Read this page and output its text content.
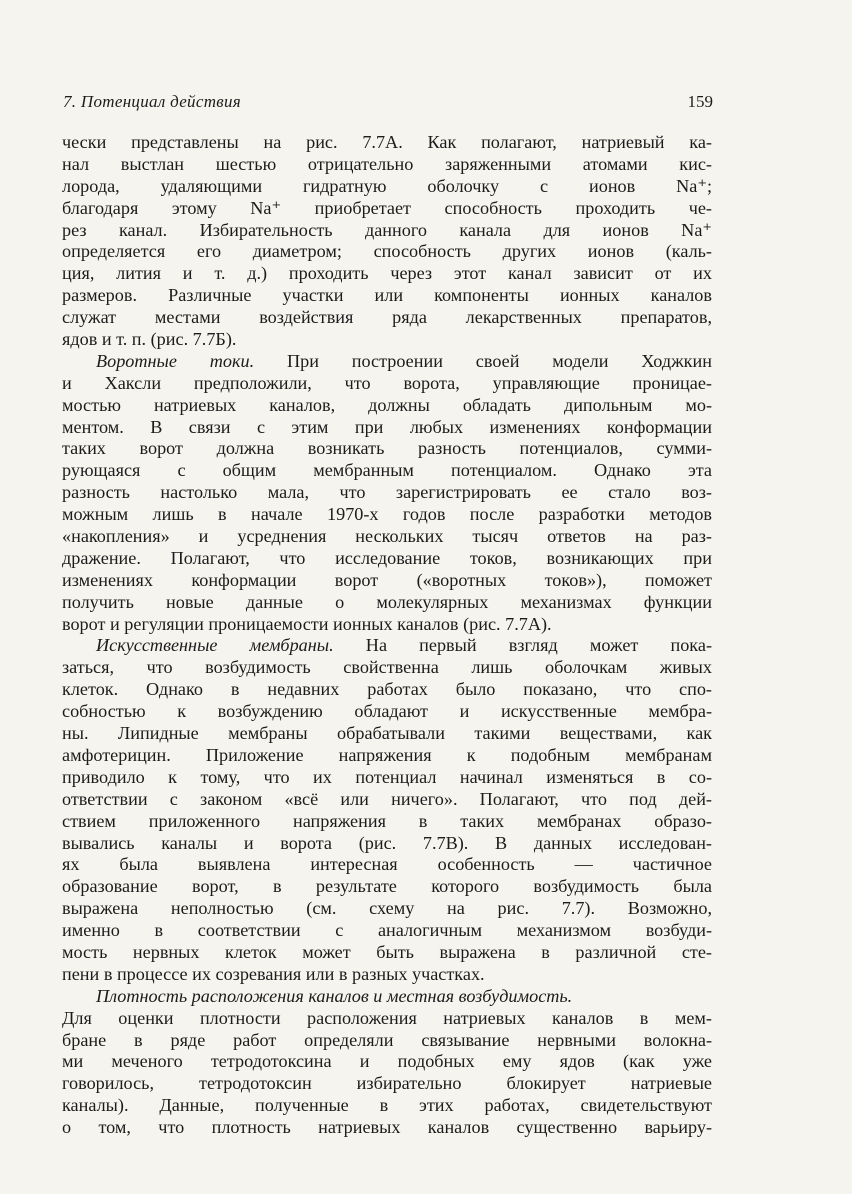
7. Потенциал действия	159
чески представлены на рис. 7.7А. Как полагают, натриевый ка-
нал выстлан шестью отрицательно заряженными атомами кис-
лорода, удаляющими гидратную оболочку с ионов Na⁺;
благодаря этому Na⁺ приобретает способность проходить че-
рез канал. Избирательность данного канала для ионов Na⁺
определяется его диаметром; способность других ионов (каль-
ция, лития и т. д.) проходить через этот канал зависит от их
размеров. Различные участки или компоненты ионных каналов
служат местами воздействия ряда лекарственных препаратов,
ядов и т. п. (рис. 7.7Б).
Воротные токи. При построении своей модели Ходжкин
и Хаксли предположили, что ворота, управляющие проницае-
мостью натриевых каналов, должны обладать дипольным мо-
ментом. В связи с этим при любых изменениях конформации
таких ворот должна возникать разность потенциалов, сумми-
рующаяся с общим мембранным потенциалом. Однако эта
разность настолько мала, что зарегистрировать ее стало воз-
можным лишь в начале 1970-х годов после разработки методов
«накопления» и усреднения нескольких тысяч ответов на раз-
дражение. Полагают, что исследование токов, возникающих при
изменениях конформации ворот («воротных токов»), поможет
получить новые данные о молекулярных механизмах функции
ворот и регуляции проницаемости ионных каналов (рис. 7.7А).
Искусственные мембраны. На первый взгляд может пока-
заться, что возбудимость свойственна лишь оболочкам живых
клеток. Однако в недавних работах было показано, что спо-
собностью к возбуждению обладают и искусственные мембра-
ны. Липидные мембраны обрабатывали такими веществами, как
амфотерицин. Приложение напряжения к подобным мембранам
приводило к тому, что их потенциал начинал изменяться в со-
ответствии с законом «всё или ничего». Полагают, что под дей-
ствием приложенного напряжения в таких мембранах образо-
вывались каналы и ворота (рис. 7.7В). В данных исследован-
ях была выявлена интересная особенность — частичное
образование ворот, в результате которого возбудимость была
выражена неполностью (см. схему на рис. 7.7). Возможно,
именно в соответствии с аналогичным механизмом возбуди-
мость нервных клеток может быть выражена в различной сте-
пени в процессе их созревания или в разных участках.
Плотность расположения каналов и местная возбудимость.
Для оценки плотности расположения натриевых каналов в мем-
бране в ряде работ определяли связывание нервными волокна-
ми меченого тетродотоксина и подобных ему ядов (как уже
говорилось, тетродотоксин избирательно блокирует натриевые
каналы). Данные, полученные в этих работах, свидетельствуют
о том, что плотность натриевых каналов существенно варьиру-
